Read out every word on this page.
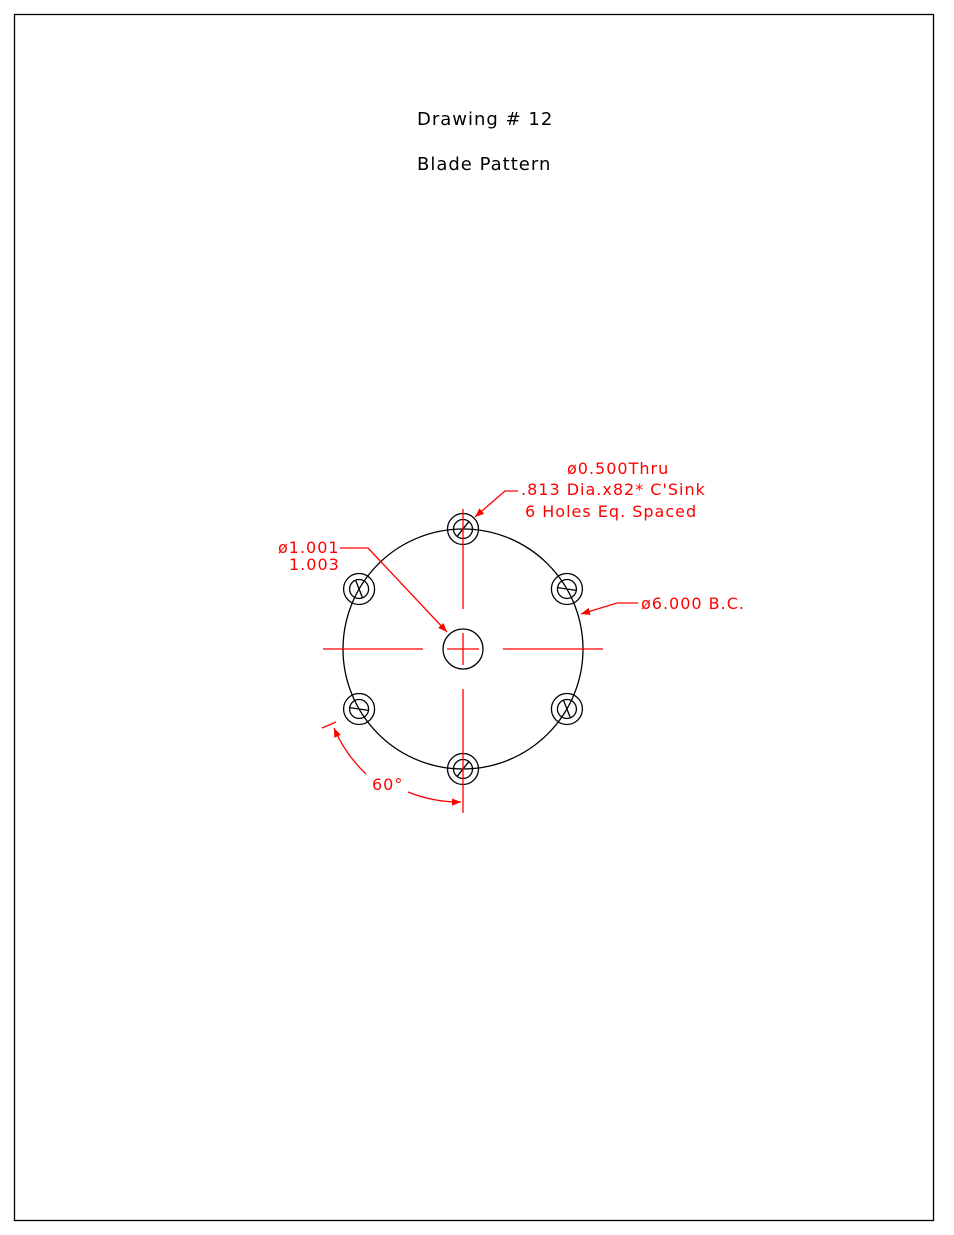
Drawing # 12
Blade Pattern
ø0.500Thru
.813 Dia.x82* C'Sink
6 Holes Eq. Spaced
ø1.001
1.003
ø6.000 B.C.
60°
